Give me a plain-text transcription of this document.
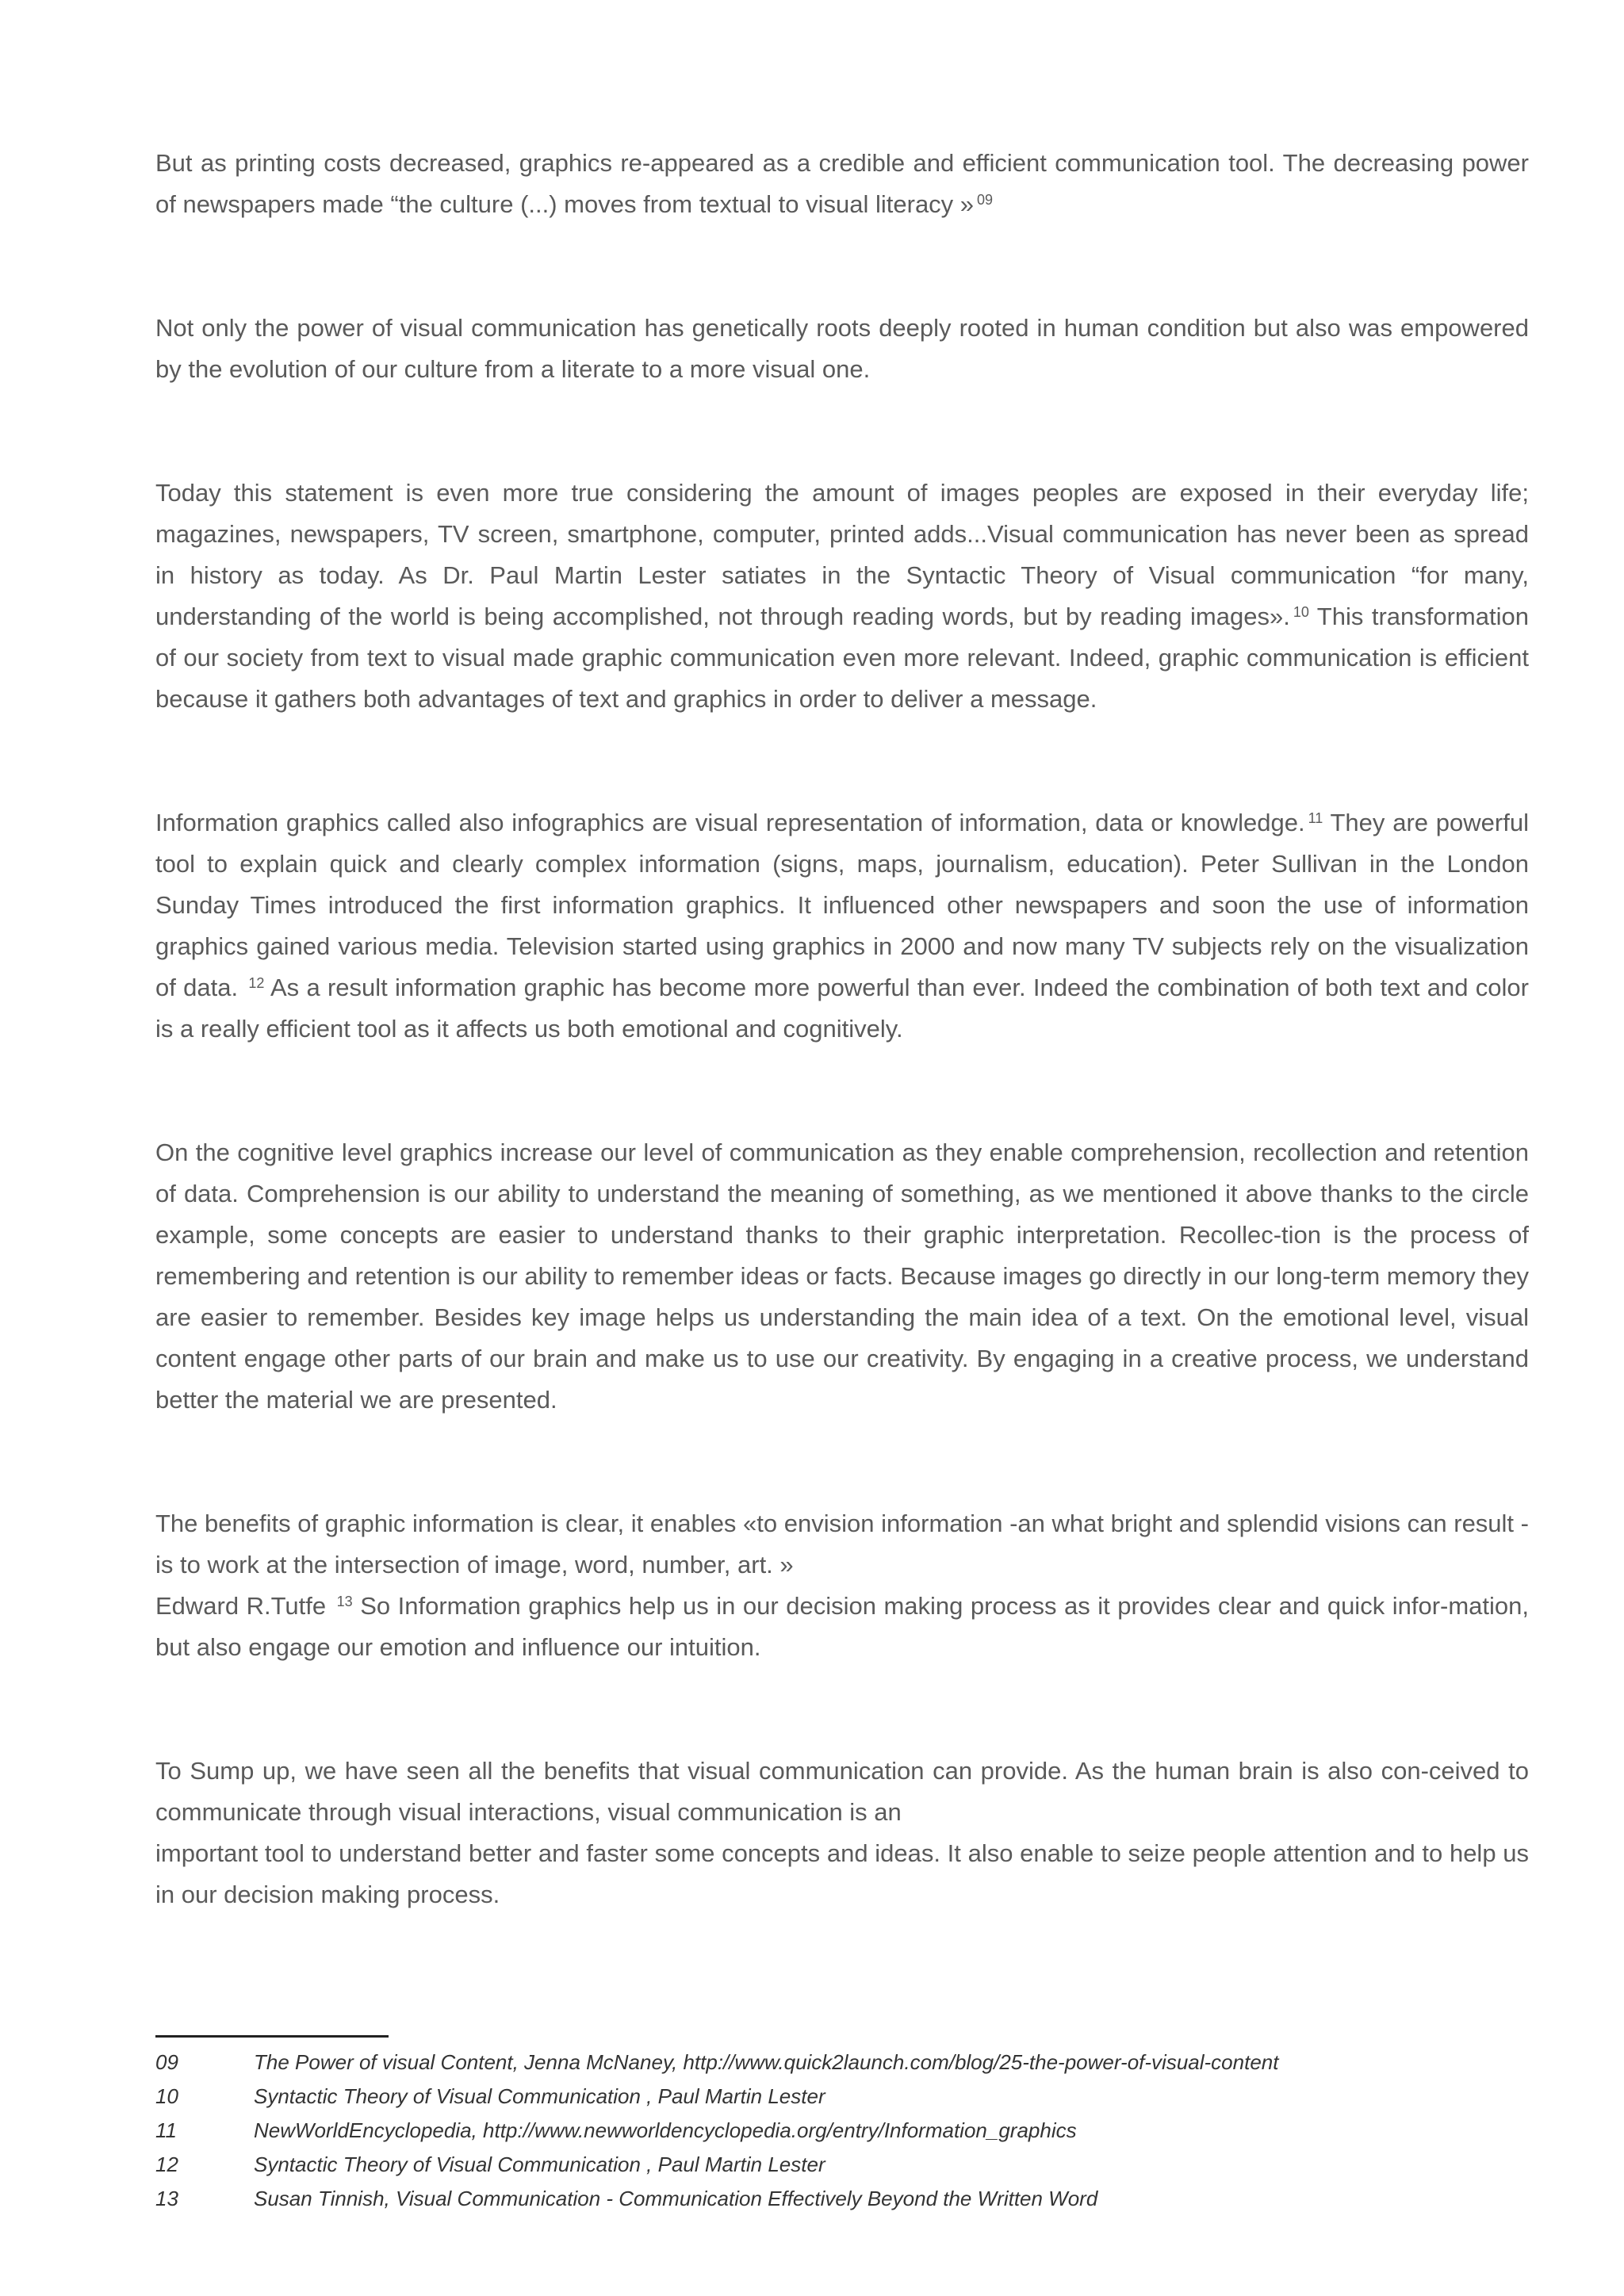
But as printing costs decreased, graphics re-appeared as a credible and efficient communication tool. The decreasing power of newspapers made “the culture (...) moves from textual to visual literacy » $^{09}$

Not only the power of visual communication has genetically roots deeply rooted in human condition but also was empowered by the evolution of our culture from a literate to a more visual one.

Today this statement is even more true considering the amount of images peoples are exposed in their everyday life; magazines, newspapers, TV screen, smartphone, computer, printed adds...Visual communication has never been as spread in history as today. As Dr. Paul Martin Lester satiates in the Syntactic Theory of Visual communication “for many, understanding of the world is being accomplished, not through reading words, but by reading images». $^{10}$ This transformation of our society from text to visual made graphic communication even more relevant. Indeed, graphic communication is efficient because it gathers both advantages of text and graphics in order to deliver a message.

Information graphics called also infographics are visual representation of information, data or knowledge. $^{11}$ They are powerful tool to explain quick and clearly complex information (signs, maps, journalism, education). Peter Sullivan in the London Sunday Times introduced the first information graphics. It influenced other newspapers and soon the use of information graphics gained various media. Television started using graphics in 2000 and now many TV subjects rely on the visualization of data. $^{12}$ As a result information graphic has become more powerful than ever. Indeed the combination of both text and color is a really efficient tool as it affects us both emotional and cognitively.

On the cognitive level graphics increase our level of communication as they enable comprehension, recollection and retention of data. Comprehension is our ability to understand the meaning of something, as we mentioned it above thanks to the circle example, some concepts are easier to understand thanks to their graphic interpretation. Recollec-tion is the process of remembering and retention is our ability to remember ideas or facts. Because images go directly in our long-term memory they are easier to remember. Besides key image helps us understanding the main idea of a text. On the emotional level, visual content engage other parts of our brain and make us to use our creativity. By engaging in a creative process, we understand better the material we are presented.

The benefits of graphic information is clear, it enables «to envision information -an what bright and splendid visions can result -is to work at the intersection of image, word, number, art. »
Edward R.Tutfe $^{13}$ So Information graphics help us in our decision making process as it provides clear and quick infor-mation, but also engage our emotion and influence our intuition.

To Sump up, we have seen all the benefits that visual communication can provide. As the human brain is also con-ceived to communicate through visual interactions, visual communication is an
important tool to understand better and faster some concepts and ideas. It also enable to seize people attention and to help us in our decision making process.

09	The Power of visual Content, Jenna McNaney, http://www.quick2launch.com/blog/25-the-power-of-visual-content
10	Syntactic Theory of Visual Communication , Paul Martin Lester
11	NewWorldEncyclopedia, http://www.newworldencyclopedia.org/entry/Information_graphics
12	Syntactic Theory of Visual Communication , Paul Martin Lester
13	Susan Tinnish, Visual Communication - Communication Effectively Beyond the Written Word
